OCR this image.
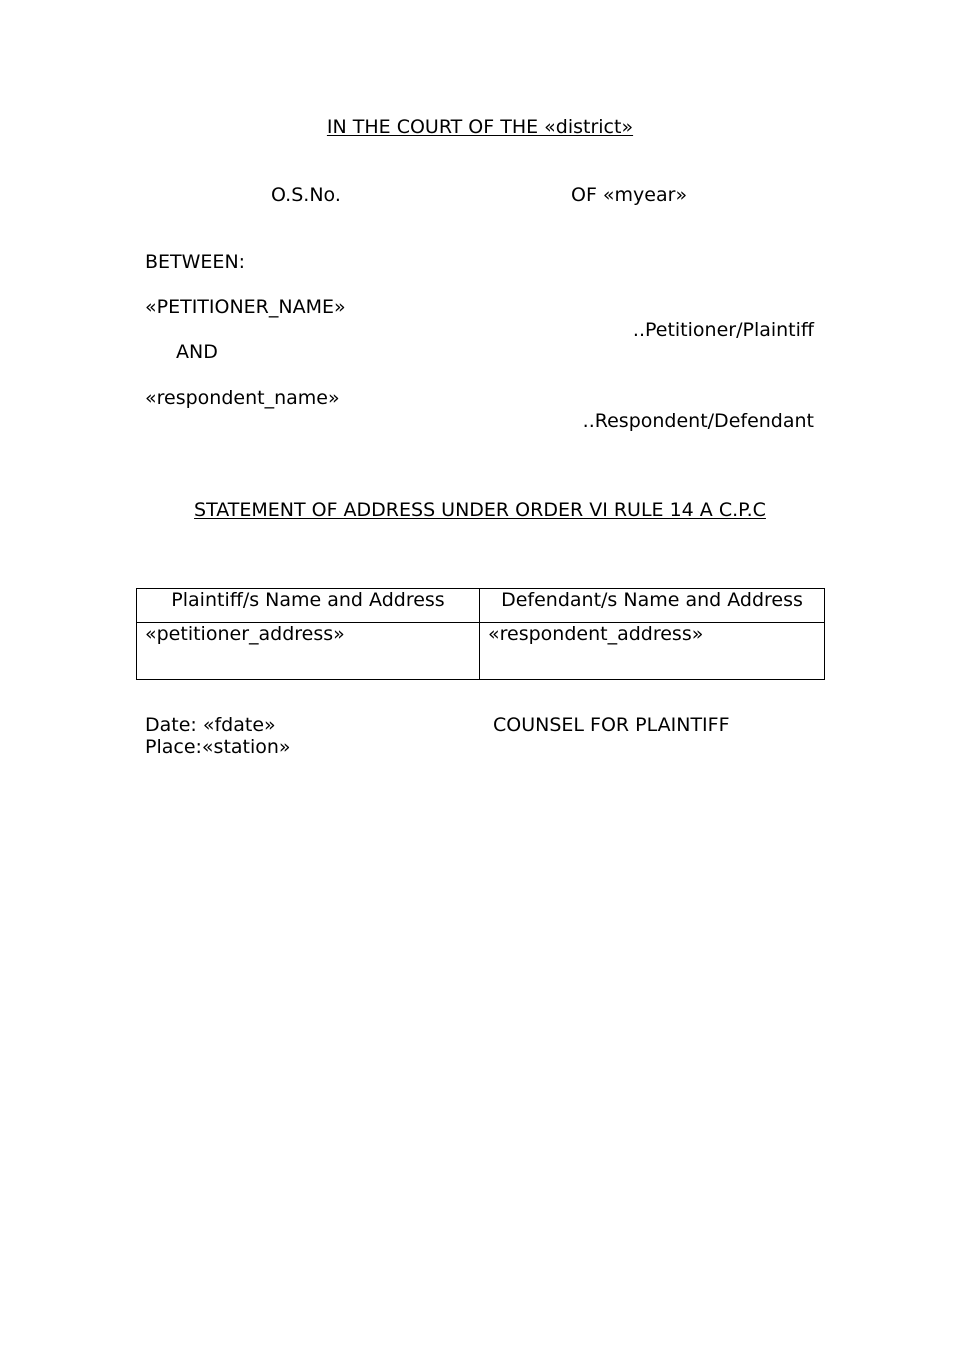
IN THE COURT OF THE «district»
O.S.No.	OF «myear»
BETWEEN:
«PETITIONER_NAME»
..Petitioner/Plaintiff
AND
«respondent_name»
..Respondent/Defendant
STATEMENT OF ADDRESS UNDER ORDER VI RULE 14 A C.P.C
Plaintiff/s Name and Address	Defendant/s Name and Address
«petitioner_address»	«respondent_address»
Date: «fdate»
Place:«station»
COUNSEL FOR PLAINTIFF
